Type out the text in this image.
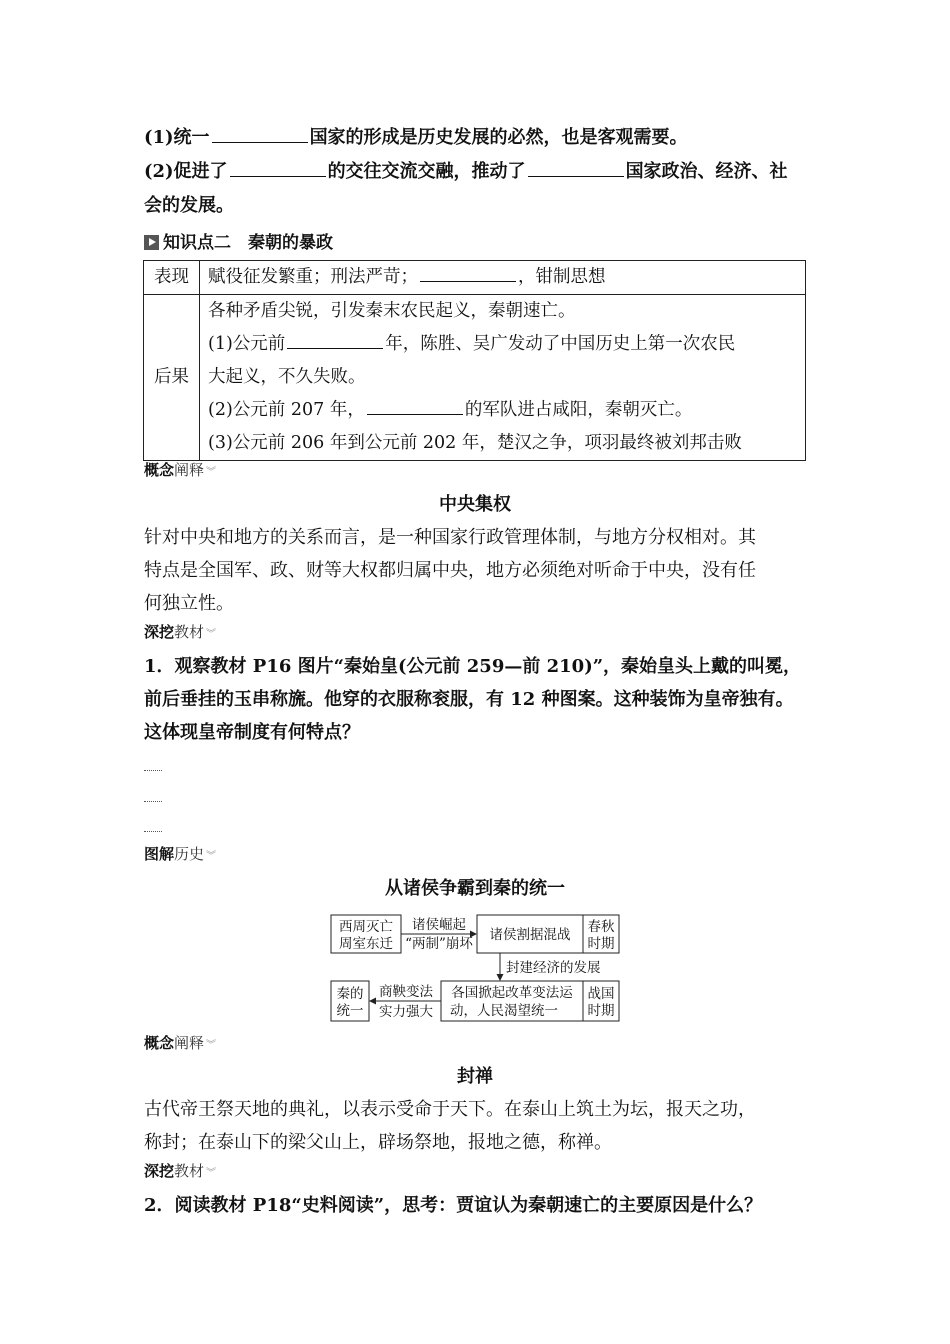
(1)统一	国家的形成是历史发展的必然，也是客观需要。
(2)促进了	的交往交流交融，推动了	国家政治、经济、社
会的发展。
知识点二　秦朝的暴政
表现	赋役征发繁重；刑法严苛； ，钳制思想
后果	各种矛盾尖锐，引发秦末农民起义，秦朝速亡。
(1)公元前 年，陈胜、吴广发动了中国历史上第一次农民
大起义，不久失败。
(2)公元前 207 年， 的军队进占咸阳，秦朝灭亡。
(3)公元前 206 年到公元前 202 年，楚汉之争，项羽最终被刘邦击败
概念阐释 ︾
中央集权
针对中央和地方的关系而言，是一种国家行政管理体制，与地方分权相对。其
特点是全国军、政、财等大权都归属中央，地方必须绝对听命于中央，没有任
何独立性。
深挖教材 ︾
1．观察教材 P16 图片“秦始皇(公元前 259—前 210)”，秦始皇头上戴的叫冕，
前后垂挂的玉串称旒。他穿的衣服称衮服，有 12 种图案。这种装饰为皇帝独有。
这体现皇帝制度有何特点？
图解历史 ︾
从诸侯争霸到秦的统一
西周灭亡
周室东迁
诸侯崛起
“两制”崩坏
诸侯割据混战 春秋
时期
封建经济的发展
各国掀起改革变法运
动，人民渴望统一
战国
时期
商鞅变法
实力强大
秦的
统一
概念阐释 ︾
封禅
古代帝王祭天地的典礼，以表示受命于天下。在泰山上筑土为坛，报天之功，
称封；在泰山下的梁父山上，辟场祭地，报地之德，称禅。
深挖教材 ︾
2．阅读教材 P18“史料阅读”，思考：贾谊认为秦朝速亡的主要原因是什么？
